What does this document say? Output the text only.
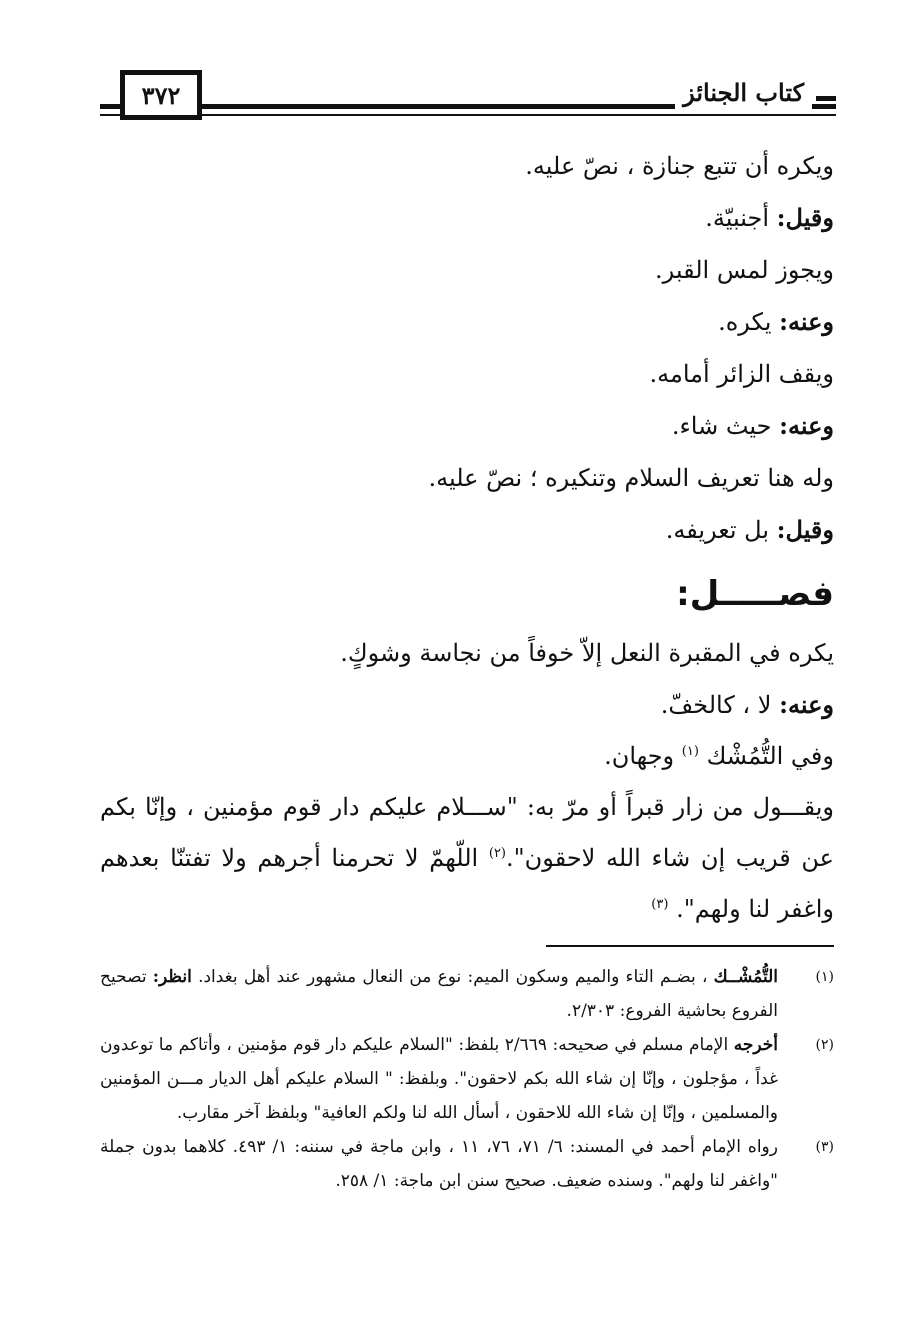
٣٧٢	كتاب الجنائز
ويكره أن تتبع جنازة ، نصّ عليه.
وقيل: أجنبيّة.
ويجوز لمس القبر.
وعنه: يكره.
ويقف الزائر أمامه.
وعنه: حيث شاء.
وله هنا تعريف السلام وتنكيره ؛ نصّ عليه.
وقيل: بل تعريفه.
فصـــــل:
يكره في المقبرة النعل إلاّ خوفاً من نجاسة وشوكٍ.
وعنه: لا ، كالخفّ.
وفي التُّمُشْك $^{(١)}$ وجهان.
ويقـــول من زار قبراً أو مرّ به: "ســـلام عليكم دار قوم مؤمنين ، وإنّا بكم عن قريب إن شاء الله لاحقون".$^{(٢)}$ اللّهمّ لا تحرمنا أجرهم ولا تفتنّا بعدهم واغفر لنا ولهم". $^{(٣)}$
(١)
التُّمُشْــك ، بضـم التاء والميم وسكون الميم: نوع من النعال مشهور عند أهل بغداد. انظر: تصحيح الفروع بحاشية الفروع: ٢/٣٠٣.
(٢)
أخرجه الإمام مسلم في صحيحه: ٢/٦٦٩ بلفظ: "السلام عليكم دار قوم مؤمنين ، وأتاكم ما توعدون غداً ، مؤجلون ، وإنّا إن شاء الله بكم لاحقون". وبلفظ: " السلام عليكم أهل الديار مـــن المؤمنين والمسلمين ، وإنّا إن شاء الله للاحقون ، أسأل الله لنا ولكم العافية" وبلفظ آخر مقارب.
(٣)
رواه الإمام أحمد في المسند: ٦/ ٧١، ٧٦، ١١ ، وابن ماجة في سننه: ١/ ٤٩٣. كلاهما بدون جملة "واغفر لنا ولهم". وسنده ضعيف. صحيح سنن ابن ماجة: ١/ ٢٥٨.
